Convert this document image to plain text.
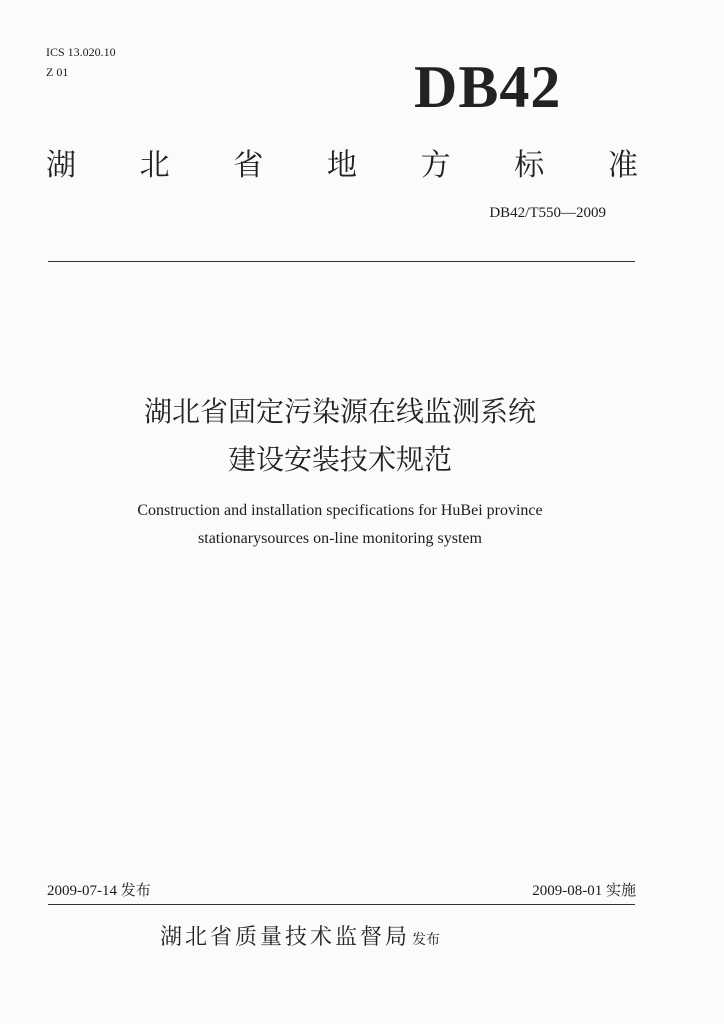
ICS 13.020.10
Z 01	DB42
湖 北 省 地 方 标 准
DB42/T550—2009
湖北省固定污染源在线监测系统
建设安装技术规范
Construction and installation specifications for HuBei province
stationarysources on-line monitoring system
2009-07-14 发布	2009-08-01 实施
湖北省质量技术监督局 发布
